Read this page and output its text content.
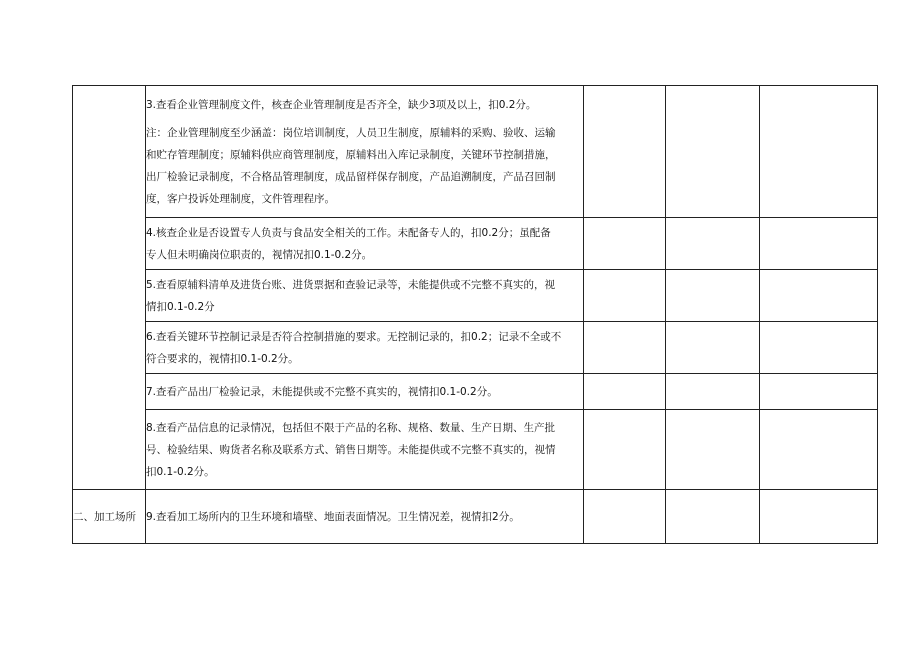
	3.查看企业管理制度文件，核查企业管理制度是否齐全，缺少3项及以上，扣0.2分。
注：企业管理制度至少涵盖：岗位培训制度，人员卫生制度，原辅料的采购、验收、运输
和贮存管理制度；原辅料供应商管理制度，原辅料出入库记录制度，关键环节控制措施，
出厂检验记录制度，不合格品管理制度，成品留样保存制度，产品追溯制度，产品召回制
度，客户投诉处理制度，文件管理程序。			

	4.核查企业是否设置专人负责与食品安全相关的工作。未配备专人的，扣0.2分；虽配备
专人但未明确岗位职责的，视情况扣0.1-0.2分。			

	5.查看原辅料清单及进货台账、进货票据和查验记录等，未能提供或不完整不真实的，视
情扣0.1-0.2分			

	6.查看关键环节控制记录是否符合控制措施的要求。无控制记录的，扣0.2；记录不全或不
符合要求的，视情扣0.1-0.2分。			

	7.查看产品出厂检验记录，未能提供或不完整不真实的，视情扣0.1-0.2分。			

	8.查看产品信息的记录情况，包括但不限于产品的名称、规格、数量、生产日期、生产批
号、检验结果、购货者名称及联系方式、销售日期等。未能提供或不完整不真实的，视情
扣0.1-0.2分。			

二、加工场所	9.查看加工场所内的卫生环境和墙壁、地面表面情况。卫生情况差，视情扣2分。			
